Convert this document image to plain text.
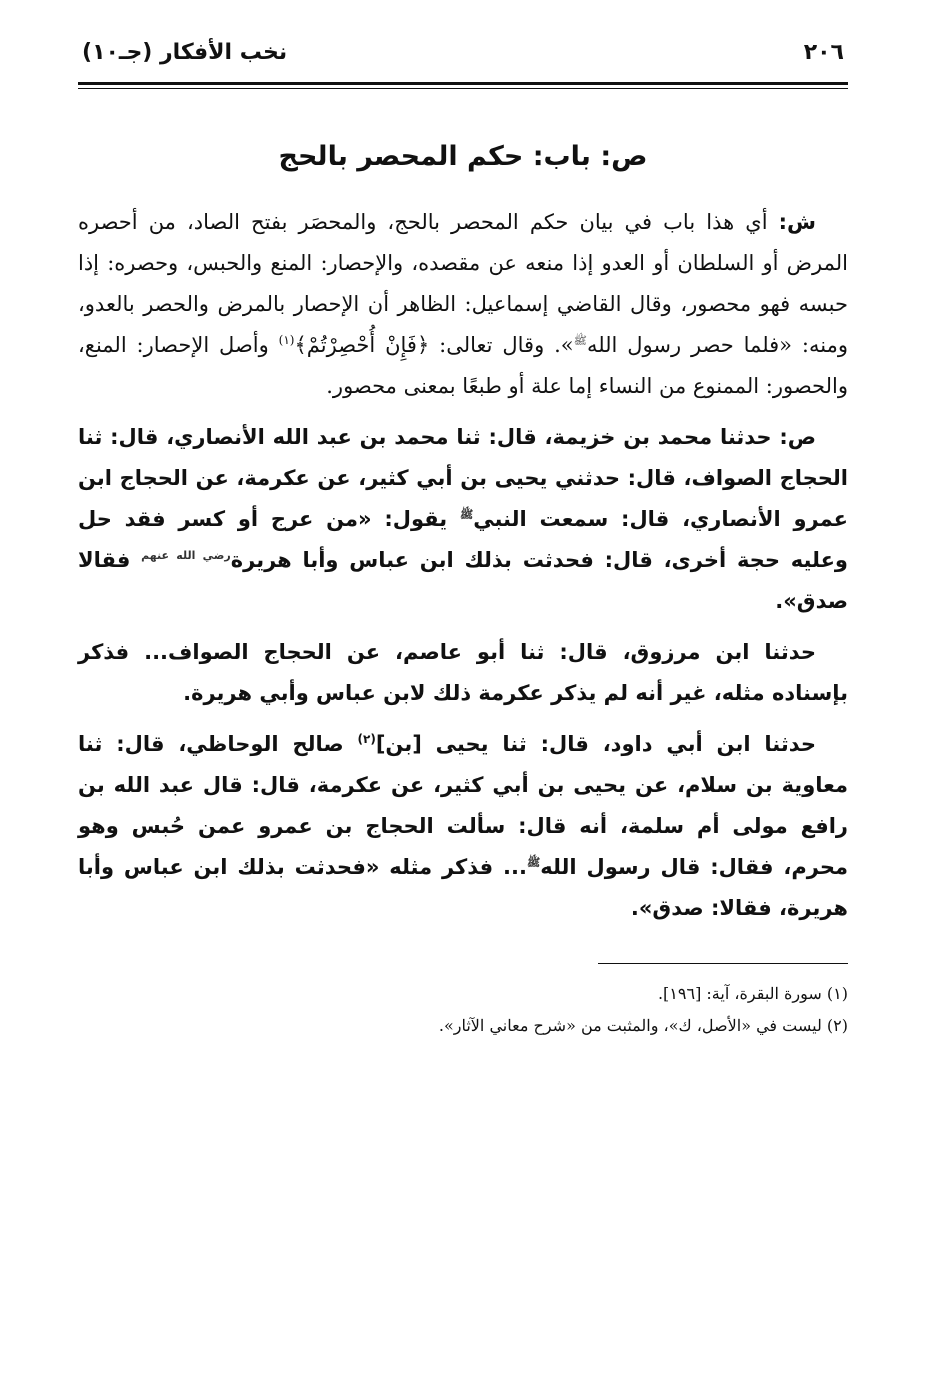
٢٠٦
نخب الأفكار (جـ١٠)
ص: باب: حكم المحصر بالحج

ش: أي هذا باب في بيان حكم المحصر بالحج، والمحصَر بفتح الصاد، من أحصره المرض أو السلطان أو العدو إذا منعه عن مقصده، والإحصار: المنع والحبس، وحصره: إذا حبسه فهو محصور، وقال القاضي إسماعيل: الظاهر أن الإحصار بالمرض والحصر بالعدو، ومنه: «فلما حصر رسول الله$^ﷺ$». وقال تعالى: ﴿فَإِنْ أُحْصِرْتُمْ﴾$^{(١)}$ وأصل الإحصار: المنع، والحصور: الممنوع من النساء إما علة أو طبعًا بمعنى محصور.

ص: حدثنا محمد بن خزيمة، قال: ثنا محمد بن عبد الله الأنصاري، قال: ثنا الحجاج الصواف، قال: حدثني يحيى بن أبي كثير، عن عكرمة، عن الحجاج ابن عمرو الأنصاري، قال: سمعت النبي$^ﷺ$ يقول: «من عرج أو كسر فقد حل وعليه حجة أخرى، قال: فحدثت بذلك ابن عباس وأبا هريرة$^{رضي الله عنهم}$ فقالا صدق».

حدثنا ابن مرزوق، قال: ثنا أبو عاصم، عن الحجاج الصواف... فذكر بإسناده مثله، غير أنه لم يذكر عكرمة ذلك لابن عباس وأبي هريرة.

حدثنا ابن أبي داود، قال: ثنا يحيى [بن]$^{(٢)}$ صالح الوحاظي، قال: ثنا معاوية بن سلام، عن يحيى بن أبي كثير، عن عكرمة، قال: قال عبد الله بن رافع مولى أم سلمة، أنه قال: سألت الحجاج بن عمرو عمن حُبس وهو محرم، فقال: قال رسول الله$^ﷺ$... فذكر مثله «فحدثت بذلك ابن عباس وأبا هريرة، فقالا: صدق».

(١) سورة البقرة، آية: [١٩٦].

(٢) ليست في «الأصل، ك»، والمثبت من «شرح معاني الآثار».
